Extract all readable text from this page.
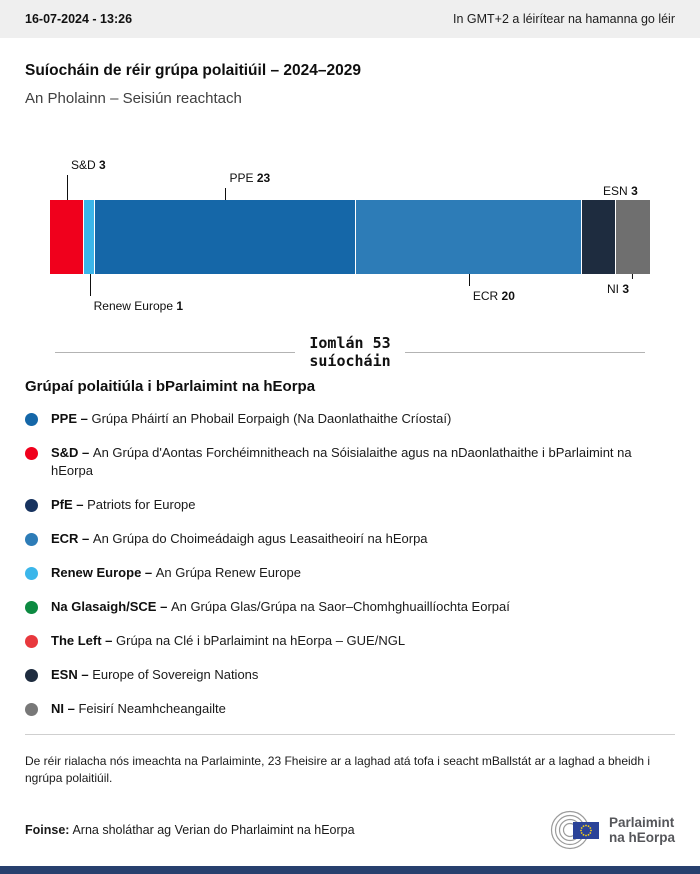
16-07-2024 - 13:26	In GMT+2 a léirítear na hamanna go léir
Suíocháin de réir grúpa polaitiúil – 2024–2029
An Pholainn – Seisiún reachtach
S&D 3
PPE 23
ESN 3
Renew Europe 1
ECR 20	NI 3
Iomlán 53
suíocháin
Grúpaí polaitiúla i bParlaimint na hEorpa
PPE – Grúpa Pháirtí an Phobail Eorpaigh (Na Daonlathaithe Críostaí)
S&D – An Grúpa d'Aontas Forchéimnitheach na Sóisialaithe agus na nDaonlathaithe i bParlaimint na hEorpa
PfE – Patriots for Europe
ECR – An Grúpa do Choimeádaigh agus Leasaitheoirí na hEorpa
Renew Europe – An Grúpa Renew Europe
Na Glasaigh/SCE – An Grúpa Glas/Grúpa na Saor–Chomhghuaillíochta Eorpaí
The Left – Grúpa na Clé i bParlaimint na hEorpa – GUE/NGL
ESN – Europe of Sovereign Nations
NI – Feisirí Neamhcheangailte

De réir rialacha nós imeachta na Parlaiminte, 23 Fheisire ar a laghad atá tofa i seacht mBallstát ar a laghad a bheidh i ngrúpa polaitiúil.

Foinse: Arna sholáthar ag Verian do Pharlaimint na hEorpa	Parlaimint
na hEorpa
